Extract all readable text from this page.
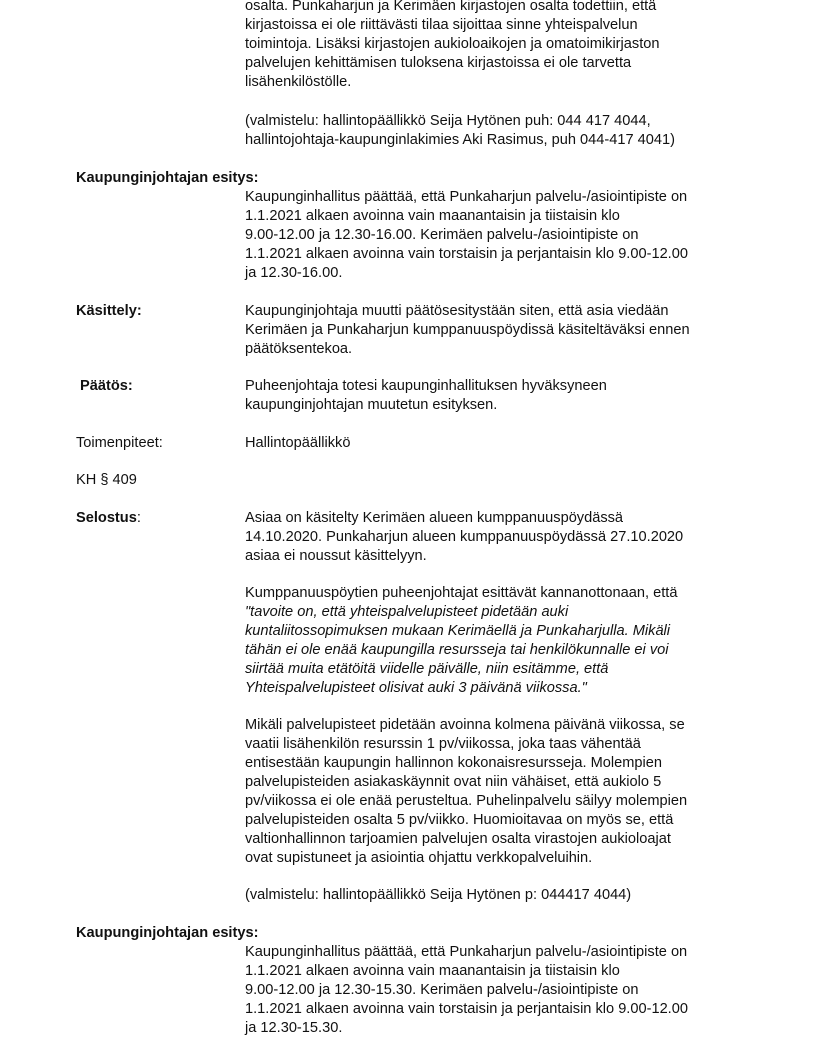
osalta. Punkaharjun ja Kerimäen kirjastojen osalta todettiin, että

kirjastoissa ei ole riittävästi tilaa sijoittaa sinne yhteispalvelun

toimintoja. Lisäksi kirjastojen aukioloaikojen ja omatoimikirjaston

palvelujen kehittämisen tuloksena kirjastoissa ei ole tarvetta

lisähenkilöstölle.

(valmistelu: hallintopäällikkö Seija Hytönen puh: 044 417 4044,

hallintojohtaja-kaupunginlakimies Aki Rasimus, puh 044-417 4041)

Kaupunginjohtajan esitys:

Kaupunginhallitus päättää, että Punkaharjun palvelu-/asiointipiste on

1.1.2021 alkaen avoinna vain maanantaisin ja tiistaisin klo

9.00-12.00 ja 12.30-16.00. Kerimäen palvelu-/asiointipiste on

1.1.2021 alkaen avoinna vain torstaisin ja perjantaisin klo 9.00-12.00

ja 12.30-16.00.

Käsittely:	Kaupunginjohtaja muutti päätösesitystään siten, että asia viedään

Kerimäen ja Punkaharjun kumppanuuspöydissä käsiteltäväksi ennen

päätöksentekoa.

Päätös:	Puheenjohtaja totesi kaupunginhallituksen hyväksyneen

kaupunginjohtajan muutetun esityksen.

Toimenpiteet:	Hallintopäällikkö
KH § 409
Selostus:	Asiaa on käsitelty Kerimäen alueen kumppanuuspöydässä

14.10.2020. Punkaharjun alueen kumppanuuspöydässä 27.10.2020

asiaa ei noussut käsittelyyn.

Kumppanuuspöytien puheenjohtajat esittävät kannanottonaan, että

"tavoite on, että yhteispalvelupisteet pidetään auki

kuntaliitossopimuksen mukaan Kerimäellä ja Punkaharjulla. Mikäli

tähän ei ole enää kaupungilla resursseja tai henkilökunnalle ei voi

siirtää muita etätöitä viidelle päivälle, niin esitämme, että

Yhteispalvelupisteet olisivat auki 3 päivänä viikossa."

Mikäli palvelupisteet pidetään avoinna kolmena päivänä viikossa, se

vaatii lisähenkilön resurssin 1 pv/viikossa, joka taas vähentää

entisestään kaupungin hallinnon kokonaisresursseja. Molempien

palvelupisteiden asiakaskäynnit ovat niin vähäiset, että aukiolo 5

pv/viikossa ei ole enää perusteltua. Puhelinpalvelu säilyy molempien

palvelupisteiden osalta 5 pv/viikko. Huomioitavaa on myös se, että

valtionhallinnon tarjoamien palvelujen osalta virastojen aukioloajat

ovat supistuneet ja asiointia ohjattu verkkopalveluihin.

(valmistelu: hallintopäällikkö Seija Hytönen p: 044417 4044)
Kaupunginjohtajan esitys:

Kaupunginhallitus päättää, että Punkaharjun palvelu-/asiointipiste on

1.1.2021 alkaen avoinna vain maanantaisin ja tiistaisin klo

9.00-12.00 ja 12.30-15.30. Kerimäen palvelu-/asiointipiste on

1.1.2021 alkaen avoinna vain torstaisin ja perjantaisin klo 9.00-12.00

ja 12.30-15.30.
